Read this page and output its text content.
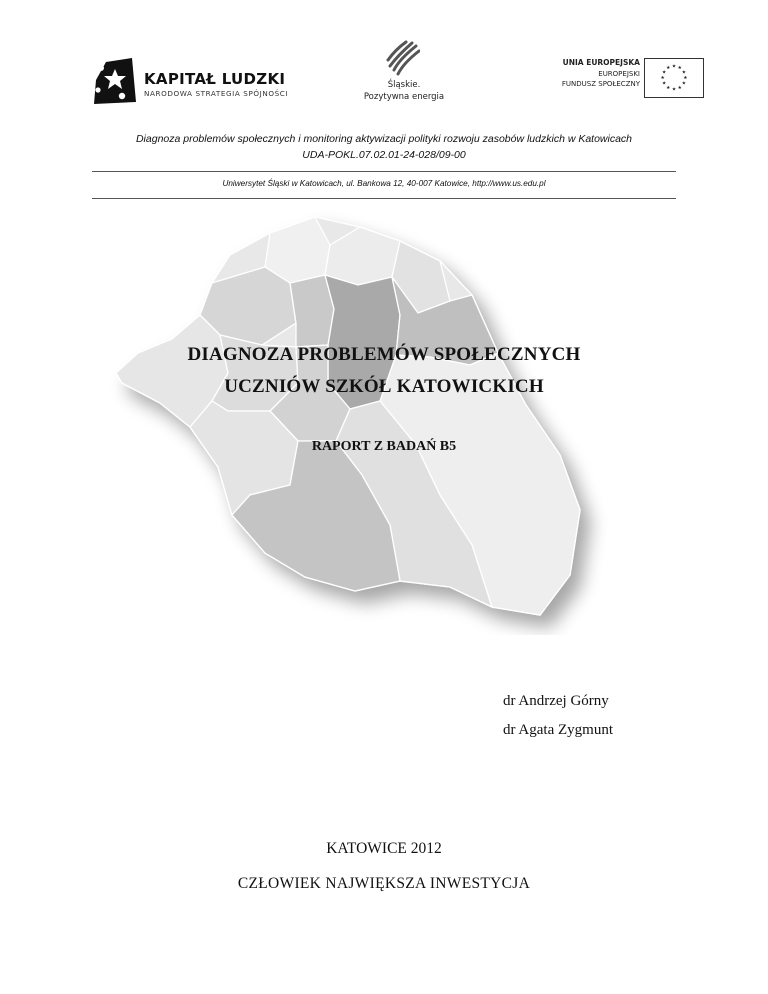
KAPITAŁ LUDZKI
NARODOWA STRATEGIA SPÓJNOŚCI
Śląskie.
Pozytywna energia
UNIA EUROPEJSKA
EUROPEJSKI
FUNDUSZ SPOŁECZNY
★ ★
★
★
★
★
★
★
★
★
★
★
Diagnoza problemów społecznych i monitoring aktywizacji polityki rozwoju zasobów ludzkich w Katowicach
UDA-POKL.07.02.01-24-028/09-00
Uniwersytet Śląski w Katowicach, ul. Bankowa 12, 40-007 Katowice, http://www.us.edu.pl
DIAGNOZA PROBLEMÓW SPOŁECZNYCH
UCZNIÓW SZKÓŁ KATOWICKICH
RAPORT Z BADAŃ B5
dr Andrzej Górny
dr Agata Zygmunt
KATOWICE 2012
CZŁOWIEK NAJWIĘKSZA INWESTYCJA
